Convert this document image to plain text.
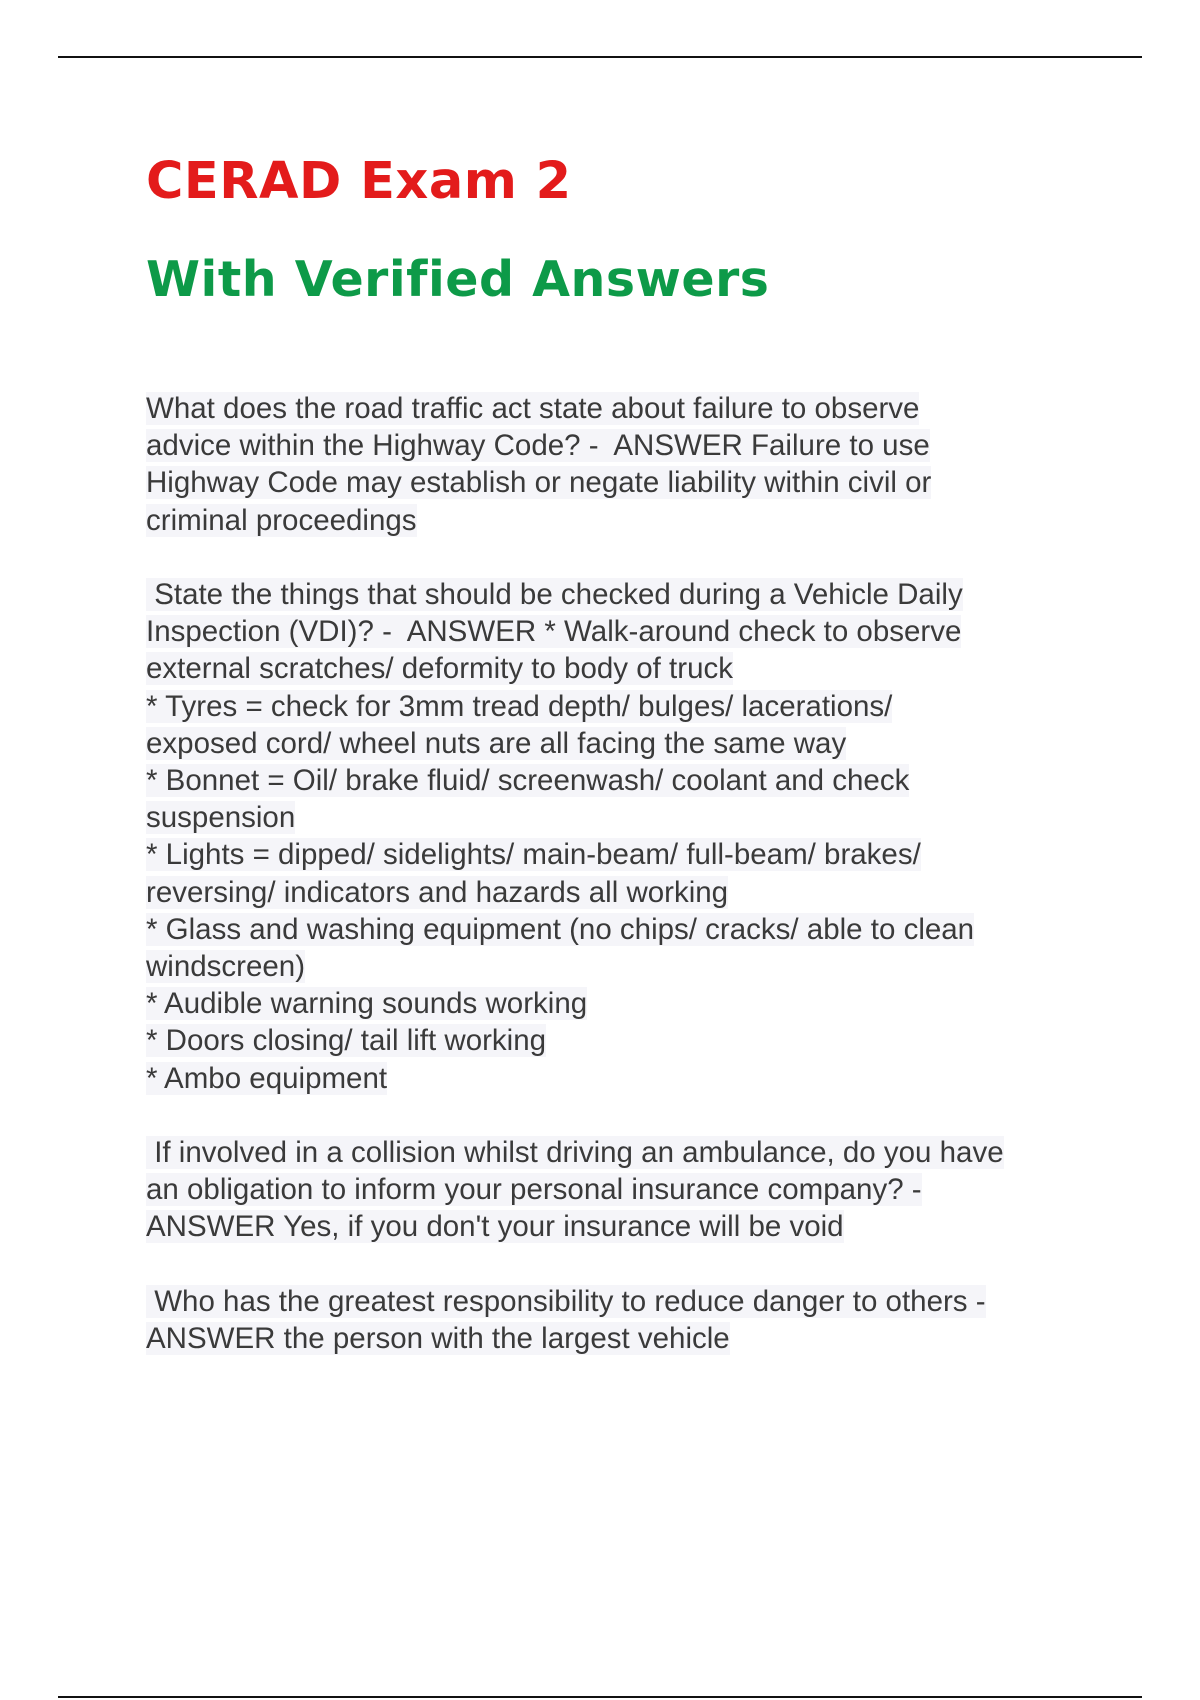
CERAD Exam 2
With Verified Answers
What does the road traffic act state about failure to observe
advice within the Highway Code? -  ANSWER Failure to use
Highway Code may establish or negate liability within civil or
criminal proceedings
State the things that should be checked during a Vehicle Daily
Inspection (VDI)? -  ANSWER * Walk-around check to observe
external scratches/ deformity to body of truck
* Tyres = check for 3mm tread depth/ bulges/ lacerations/
exposed cord/ wheel nuts are all facing the same way
* Bonnet = Oil/ brake fluid/ screenwash/ coolant and check
suspension
* Lights = dipped/ sidelights/ main-beam/ full-beam/ brakes/
reversing/ indicators and hazards all working
* Glass and washing equipment (no chips/ cracks/ able to clean
windscreen)
* Audible warning sounds working
* Doors closing/ tail lift working
* Ambo equipment
If involved in a collision whilst driving an ambulance, do you have
an obligation to inform your personal insurance company? -
ANSWER Yes, if you don't your insurance will be void
Who has the greatest responsibility to reduce danger to others -
ANSWER the person with the largest vehicle
